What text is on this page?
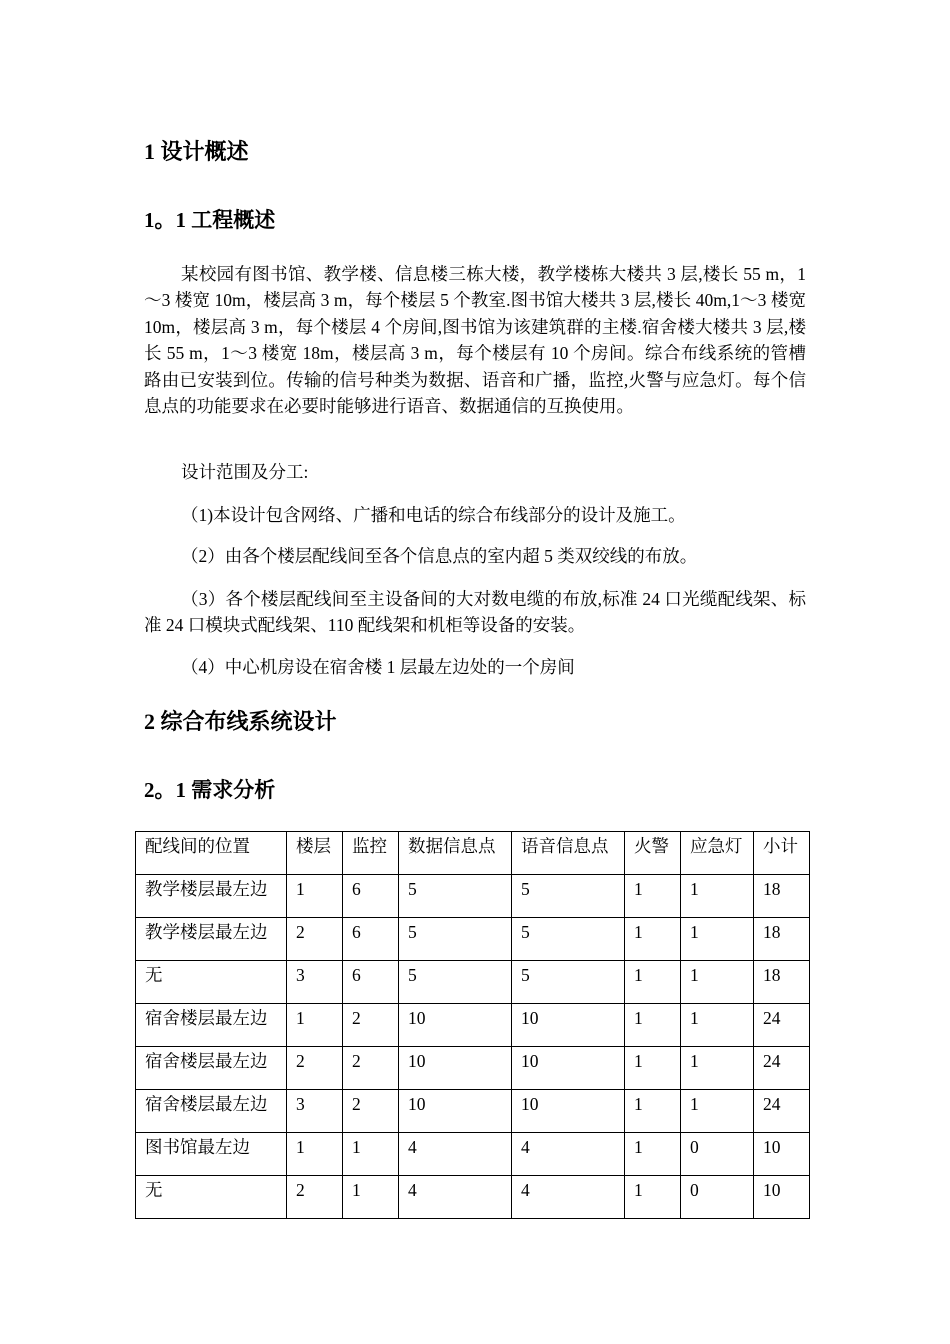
1 设计概述
1。1 工程概述

某校园有图书馆、教学楼、信息楼三栋大楼，教学楼栋大楼共 3 层,楼长 55 m，1～3 楼宽 10m，楼层高 3 m，每个楼层 5 个教室.图书馆大楼共 3 层,楼长 40m,1～3 楼宽 10m，楼层高 3 m，每个楼层 4 个房间,图书馆为该建筑群的主楼.宿舍楼大楼共 3 层,楼长 55 m，1～3 楼宽 18m，楼层高 3 m，每个楼层有 10 个房间。综合布线系统的管槽路由已安装到位。传输的信号种类为数据、语音和广播，监控,火警与应急灯。每个信息点的功能要求在必要时能够进行语音、数据通信的互换使用。

设计范围及分工:

（1)本设计包含网络、广播和电话的综合布线部分的设计及施工。

（2）由各个楼层配线间至各个信息点的室内超 5 类双绞线的布放。

（3）各个楼层配线间至主设备间的大对数电缆的布放,标准 24 口光缆配线架、标准 24 口模块式配线架、110 配线架和机柜等设备的安装。

（4）中心机房设在宿舍楼 1 层最左边处的一个房间

2 综合布线系统设计
2。1 需求分析
配线间的位置	楼层	监控	数据信息点	语音信息点	火警	应急灯	小计
教学楼层最左边	1	6	5	5	1	1	18
教学楼层最左边	2	6	5	5	1	1	18
无	3	6	5	5	1	1	18
宿舍楼层最左边	1	2	10	10	1	1	24
宿舍楼层最左边	2	2	10	10	1	1	24
宿舍楼层最左边	3	2	10	10	1	1	24
图书馆最左边	1	1	4	4	1	0	10
无	2	1	4	4	1	0	10
